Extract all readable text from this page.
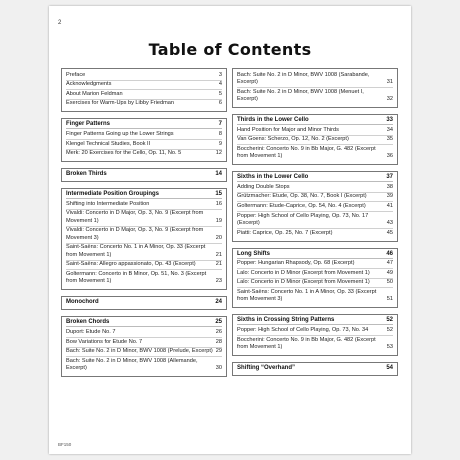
2
Table of Contents
Preface	3
Acknowledgments	4
About Marion Feldman	5
Exercises for Warm-Ups by Libby Friedman	6
Finger Patterns	7
Finger Patterns Going up the Lower Strings	8
Klengel Technical Studies, Book II	9
Merk: 20 Exercises for the Cello, Op. 11, No. 5	12
Broken Thirds	14
Intermediate Position Groupings	15
Shifting into Intermediate Position	16
Vivaldi: Concerto in D Major, Op. 3, No. 9 (Excerpt from Movement 1)	19
Vivaldi: Concerto in D Major, Op. 3, No. 9 (Excerpt from Movement 3)	20
Saint-Saëns: Concerto No. 1 in A Minor, Op. 33 (Excerpt from Movement 1)	21
Saint-Saëns: Allegro appassionato, Op. 43 (Excerpt)	21
Goltermann: Concerto in B Minor, Op. 51, No. 3 (Excerpt from Movement 1)	23
Monochord	24
Broken Chords	25
Duport: Etude No. 7	26
Bow Variations for Etude No. 7	28
Bach: Suite No. 2 in D Minor, BWV 1008 (Prelude, Excerpt) 29
Bach: Suite No. 2 in D Minor, BWV 1008 (Allemande, Excerpt)	30
Bach: Suite No. 2 in D Minor, BWV 1008 (Sarabande, Excerpt)	31
Bach: Suite No. 2 in D Minor, BWV 1008 (Menuet I, Excerpt)	32
Thirds in the Lower Cello	33
Hand Position for Major and Minor Thirds	34
Van Goens: Scherzo, Op. 12, No. 2 (Excerpt)	35
Boccherini: Concerto No. 9 in Bb Major, G. 482 (Excerpt from Movement 1)	36
Sixths in the Lower Cello	37
Adding Double Stops	38
Grützmacher: Etude, Op. 38, No. 7, Book I (Excerpt)	39
Goltermann: Etude-Caprice, Op. 54, No. 4 (Excerpt)	41
Popper: High School of Cello Playing, Op. 73, No. 17 (Excerpt)	43
Piatti: Caprice, Op. 25, No. 7 (Excerpt)	45
Long Shifts	46
Popper: Hungarian Rhapsody, Op. 68 (Excerpt)	47
Lalo: Concerto in D Minor (Excerpt from Movement 1)	49
Lalo: Concerto in D Minor (Excerpt from Movement 1)	50
Saint-Saëns: Concerto No. 1 in A Minor, Op. 33 (Excerpt from Movement 3)	51
Sixths in Crossing String Patterns	52
Popper: High School of Cello Playing, Op. 73, No. 34	52
Boccherini: Concerto No. 9 in Bb Major, G. 482 (Excerpt from Movement 1)	53
Shifting “Overhand”	54
BF150
